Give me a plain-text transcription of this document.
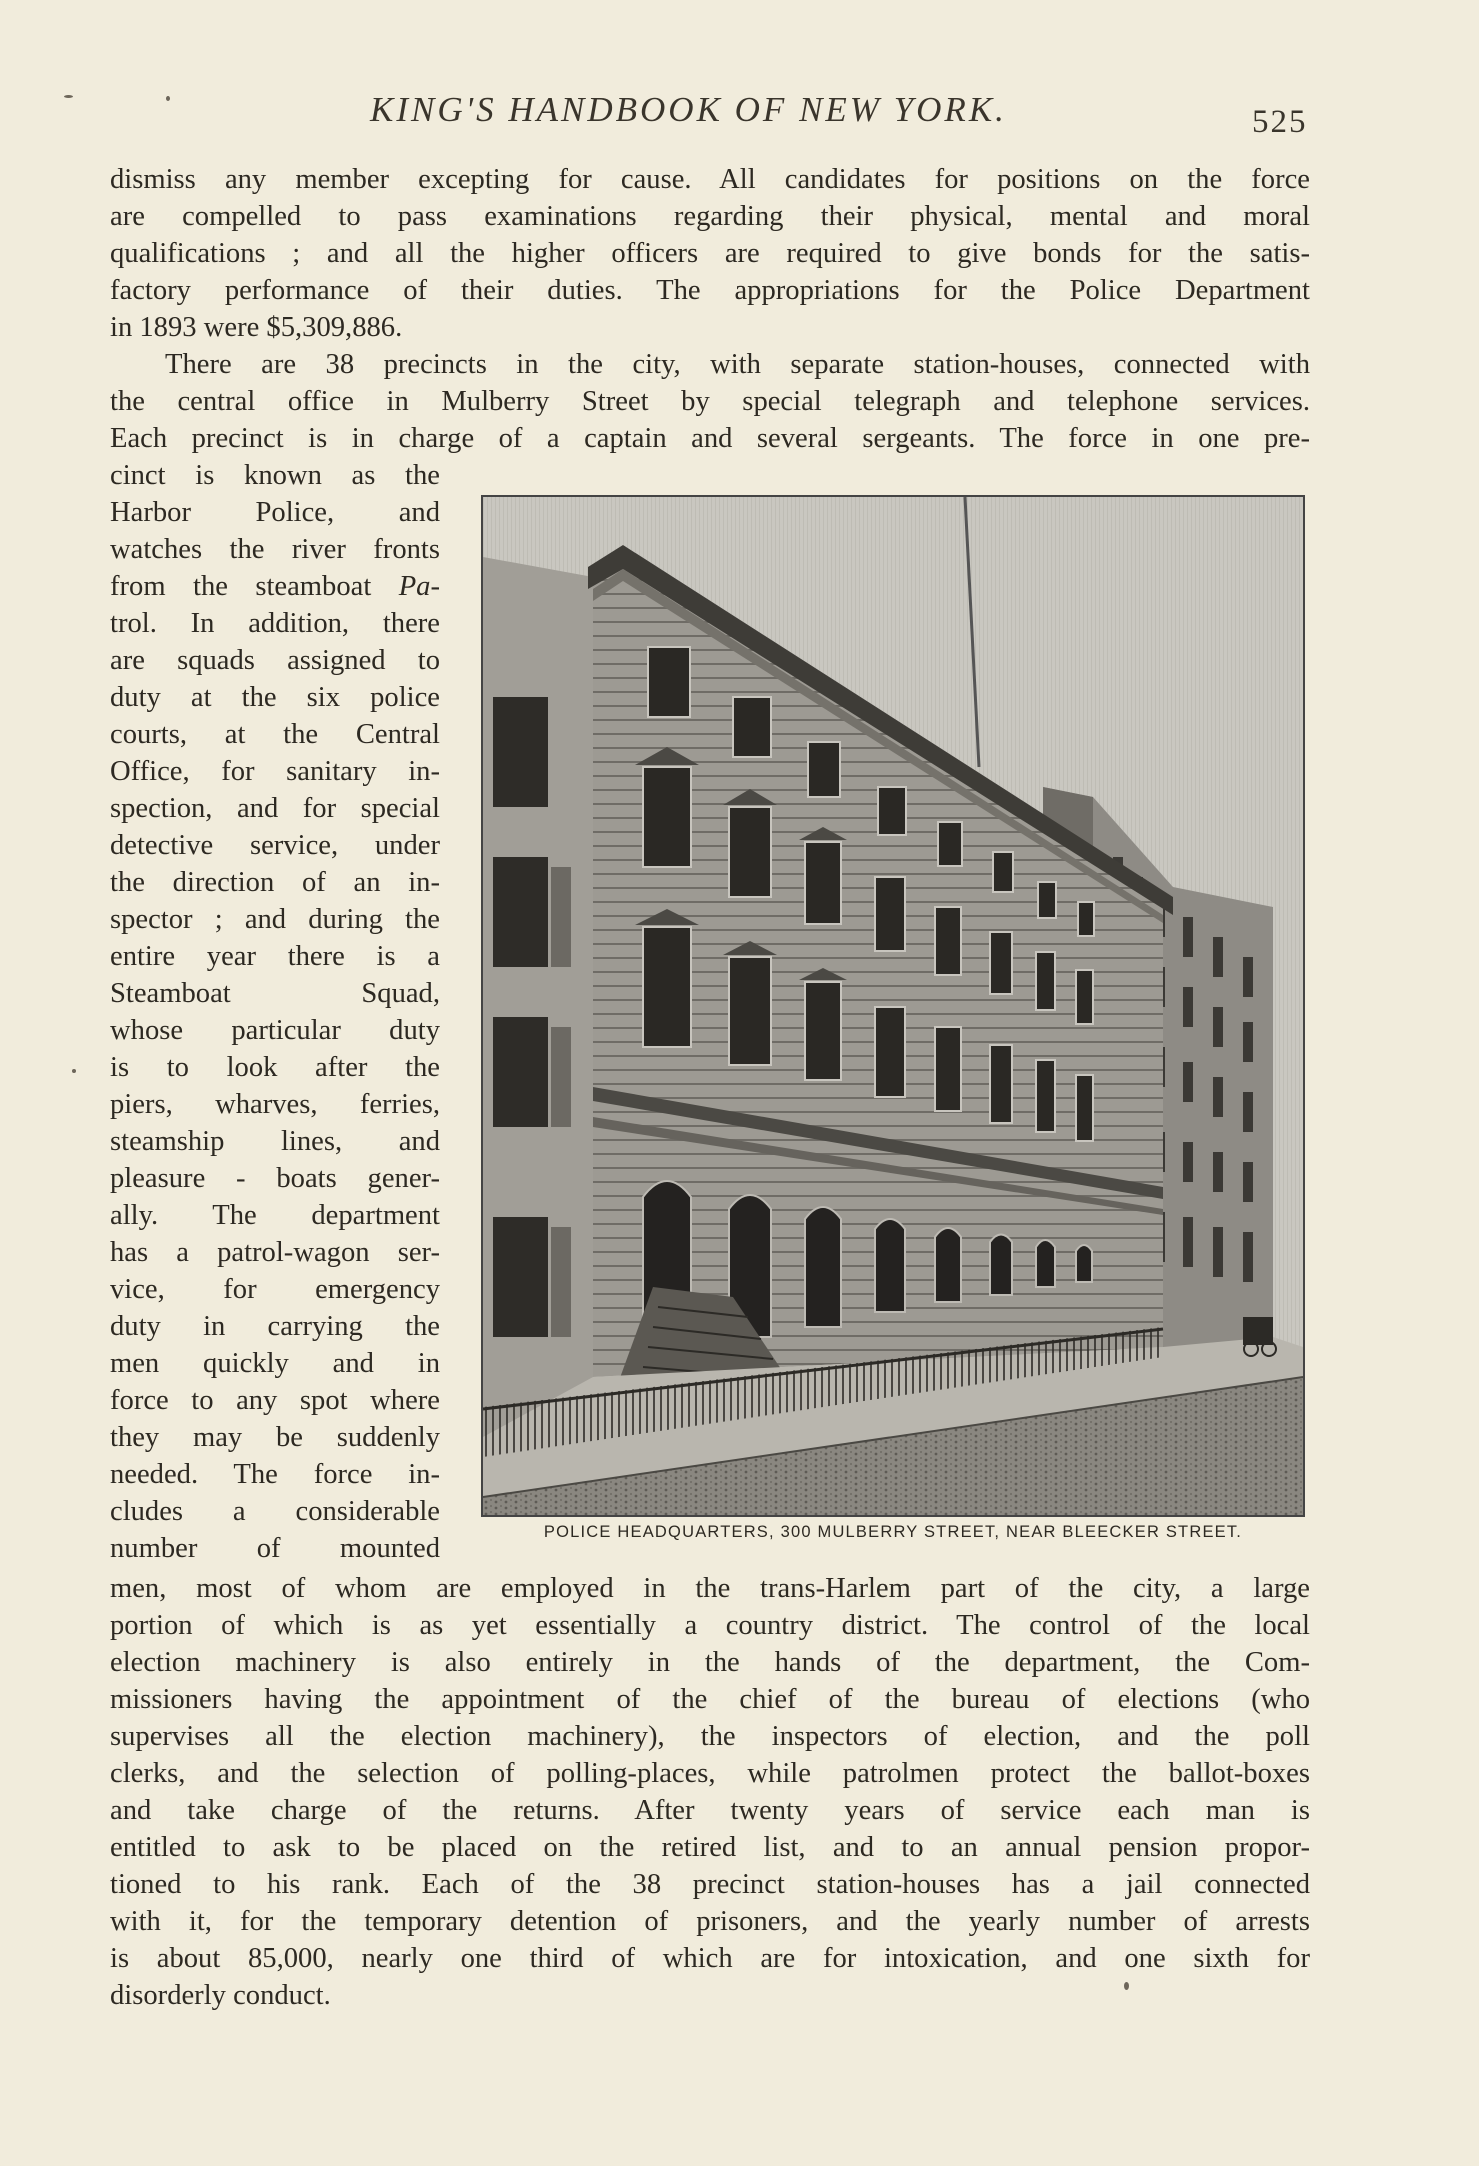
KING'S HANDBOOK OF NEW YORK.	525
dismiss any member excepting for cause. All candidates for positions on the force
are compelled to pass examinations regarding their physical, mental and moral
qualifications ; and all the higher officers are required to give bonds for the satis-
factory performance of their duties. The appropriations for the Police Department
in 1893 were $5,309,886.
There are 38 precincts in the city, with separate station-houses, connected with
the central office in Mulberry Street by special telegraph and telephone services.
Each precinct is in charge of a captain and several sergeants. The force in one pre-
cinct is known as the
Harbor Police, and
watches the river fronts
from the steamboat Pa-
trol. In addition, there
are squads assigned to
duty at the six police
courts, at the Central
Office, for sanitary in-
spection, and for special
detective service, under
the direction of an in-
spector ; and during the
entire year there is a
Steamboat Squad,
whose particular duty
is to look after the
piers, wharves, ferries,
steamship lines, and
pleasure - boats gener-
ally. The department
has a patrol-wagon ser-
vice, for emergency
duty in carrying the
men quickly and in
force to any spot where
they may be suddenly
needed. The force in-
cludes a considerable
number of mounted
men, most of whom are employed in the trans-Harlem part of the city, a large
portion of which is as yet essentially a country district. The control of the local
election machinery is also entirely in the hands of the department, the Com-
missioners having the appointment of the chief of the bureau of elections (who
supervises all the election machinery), the inspectors of election, and the poll
clerks, and the selection of polling-places, while patrolmen protect the ballot-boxes
and take charge of the returns. After twenty years of service each man is
entitled to ask to be placed on the retired list, and to an annual pension propor-
tioned to his rank. Each of the 38 precinct station-houses has a jail connected
with it, for the temporary detention of prisoners, and the yearly number of arrests
is about 85,000, nearly one third of which are for intoxication, and one sixth for
disorderly conduct.
POLICE HEADQUARTERS, 300 MULBERRY STREET, NEAR BLEECKER STREET.
